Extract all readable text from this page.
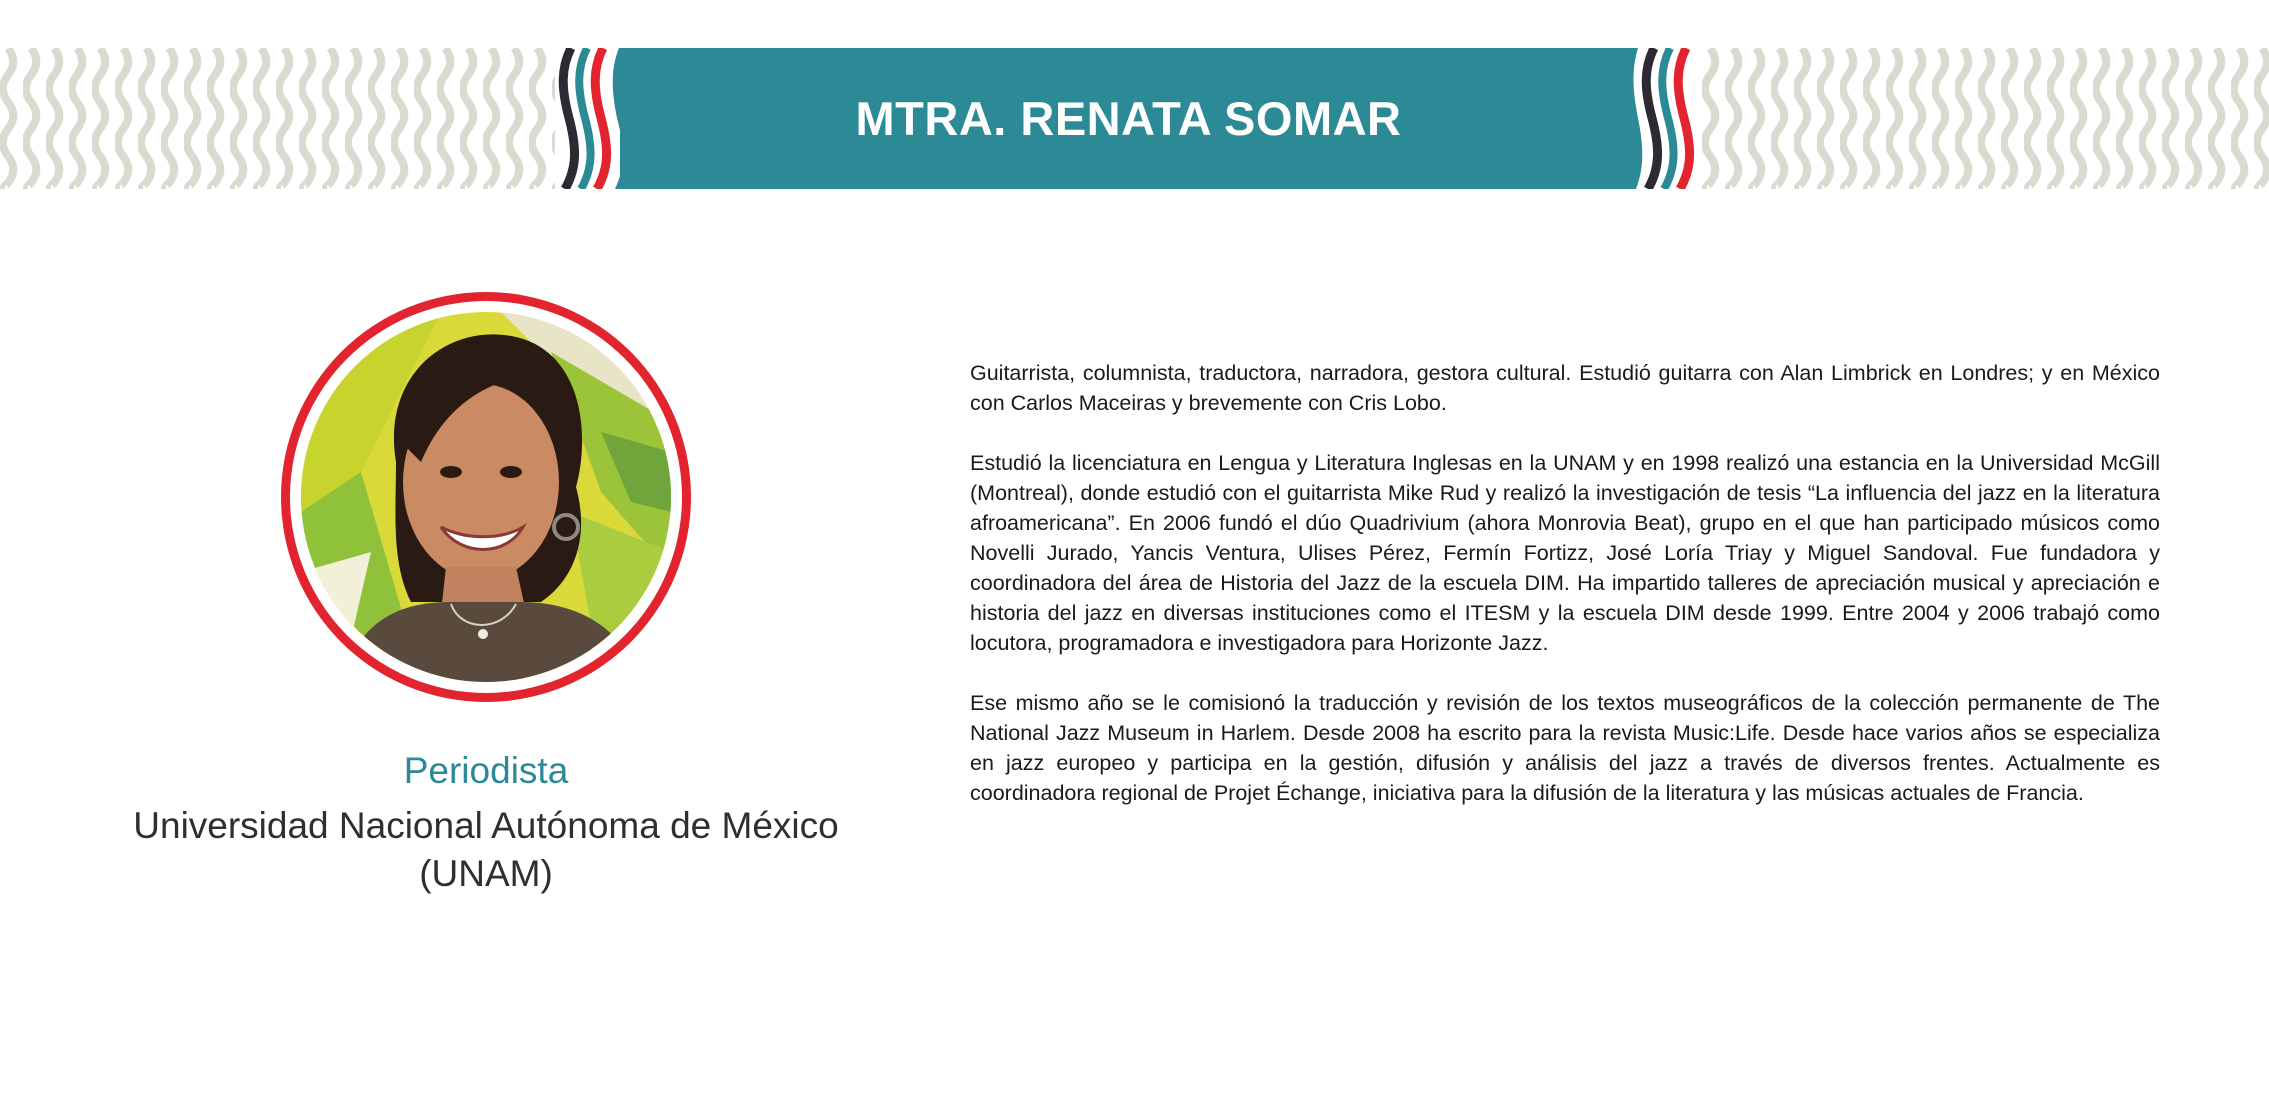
MTRA. RENATA SOMAR
Periodista
Universidad Nacional Autónoma de México
(UNAM)

Guitarrista, columnista, traductora, narradora, gestora cultural. Estudió guitarra con Alan Limbrick en Londres; y en México con Carlos Maceiras y brevemente con Cris Lobo.

Estudió la licenciatura en Lengua y Literatura Inglesas en la UNAM y en 1998 realizó una estancia en la Universidad McGill (Montreal), donde estudió con el guitarrista Mike Rud y realizó la investigación de tesis “La influencia del jazz en la literatura afroamericana”. En 2006 fundó el dúo Quadrivium (ahora Monrovia Beat), grupo en el que han participado músicos como Novelli Jurado, Yancis Ventura, Ulises Pérez, Fermín Fortizz, José Loría Triay y Miguel Sandoval. Fue fundadora y coordinadora del área de Historia del Jazz de la escuela DIM. Ha impartido talleres de apreciación musical y apreciación e historia del jazz en diversas instituciones como el ITESM y la escuela DIM desde 1999. Entre 2004 y 2006 trabajó como locutora, programadora e investigadora para Horizonte Jazz.

Ese mismo año se le comisionó la traducción y revisión de los textos museográficos de la colección permanente de The National Jazz Museum in Harlem. Desde 2008 ha escrito para la revista Music:Life. Desde hace varios años se especializa en jazz europeo y participa en la gestión, difusión y análisis del jazz a través de diversos frentes. Actualmente es coordinadora regional de Projet Échange, iniciativa para la difusión de la literatura y las músicas actuales de Francia.
